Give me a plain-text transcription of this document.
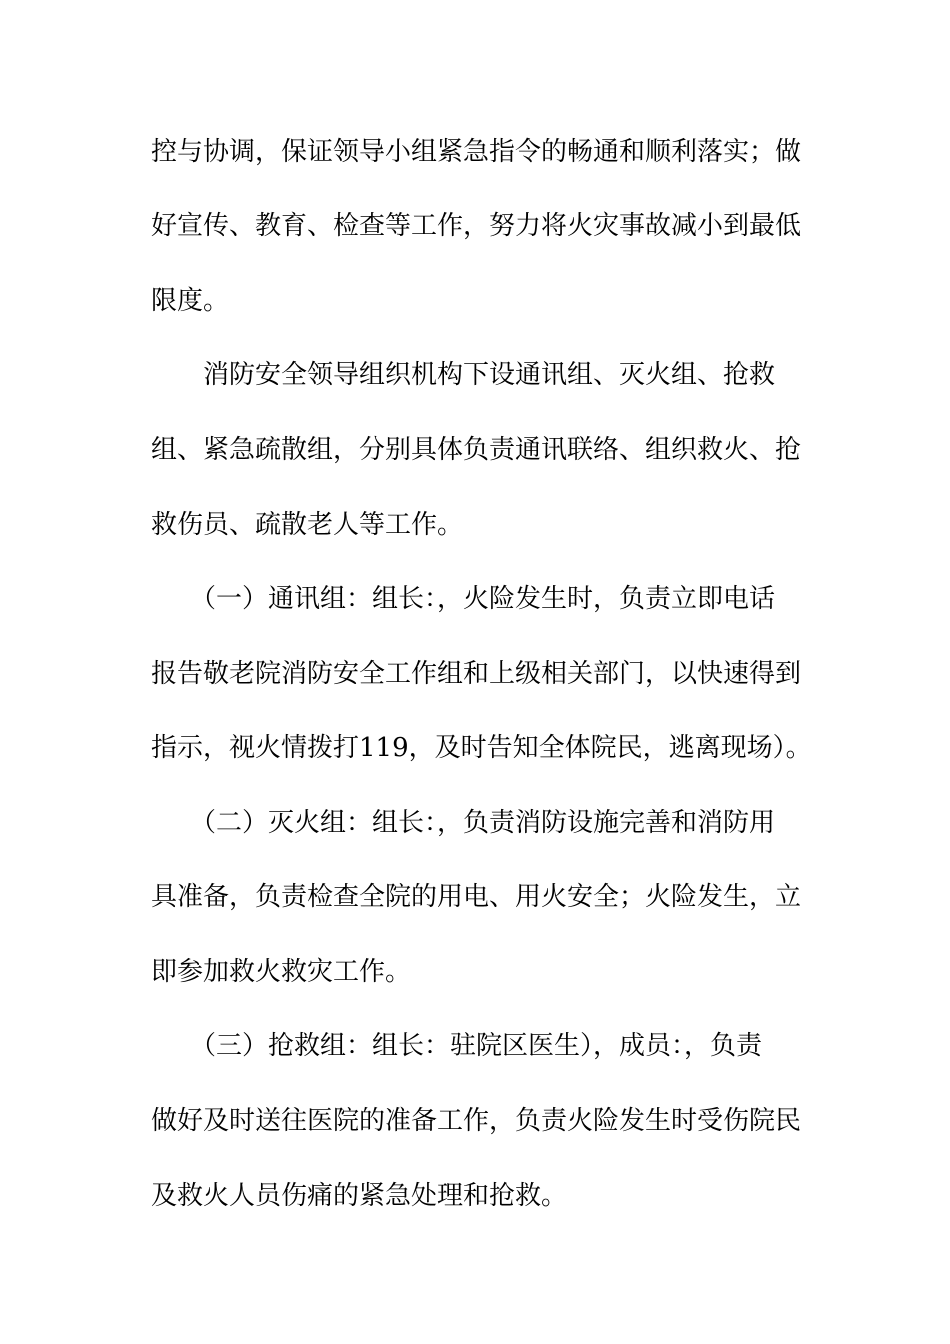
控与协调，保证领导小组紧急指令的畅通和顺利落实；做
好宣传、教育、检查等工作，努力将火灾事故减小到最低
限度。
　　消防安全领导组织机构下设通讯组、灭火组、抢救
组、紧急疏散组，分别具体负责通讯联络、组织救火、抢
救伤员、疏散老人等工作。
　　（一）通讯组：组长：，火险发生时，负责立即电话
报告敬老院消防安全工作组和上级相关部门，以快速得到
指示，视火情拨打119，及时告知全体院民，逃离现场）。
　　（二）灭火组：组长：，负责消防设施完善和消防用
具准备，负责检查全院的用电、用火安全；火险发生，立
即参加救火救灾工作。
　　（三）抢救组：组长：驻院区医生），成员：，负责
做好及时送往医院的准备工作，负责火险发生时受伤院民
及救火人员伤痛的紧急处理和抢救。
